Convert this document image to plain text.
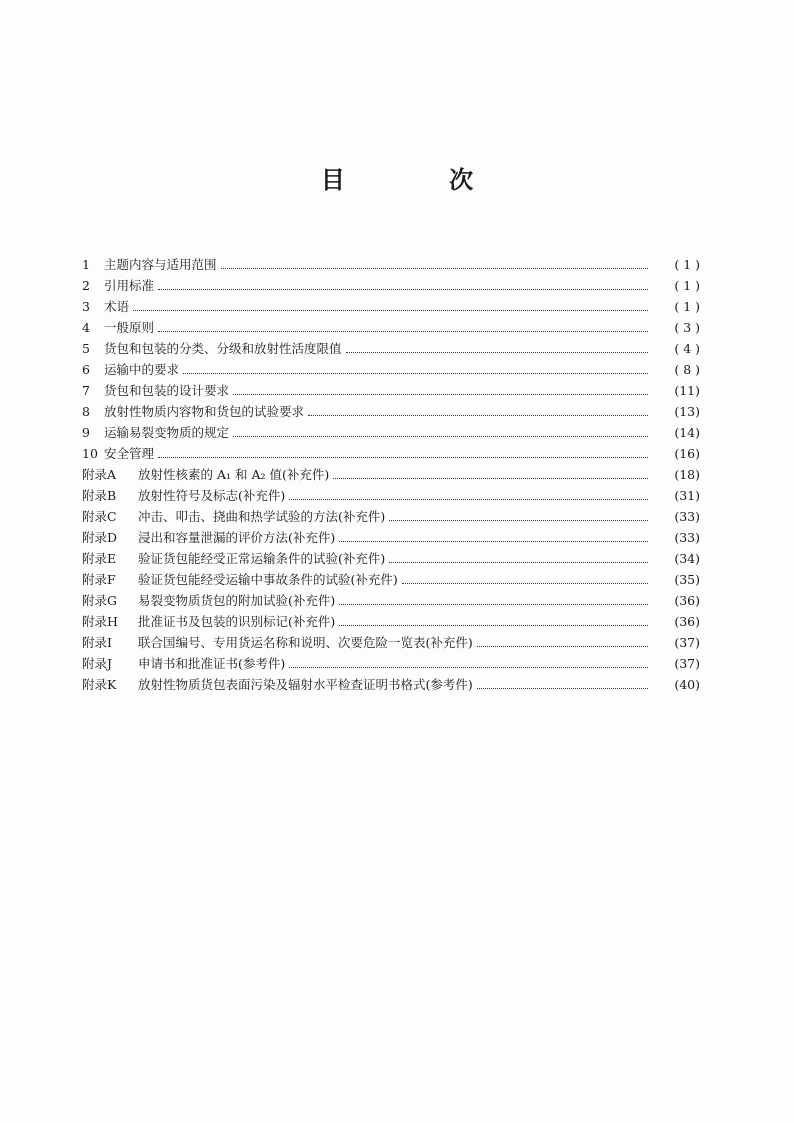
目 次
1	主题内容与适用范围	( 1 )
2	引用标准	( 1 )
3	术语	( 1 )
4	一般原则	( 3 )
5	货包和包装的分类、分级和放射性活度限值	( 4 )
6	运输中的要求	( 8 )
7	货包和包装的设计要求	(11)
8	放射性物质内容物和货包的试验要求	(13)
9	运输易裂变物质的规定	(14)
10 安全管理	(16)
附录A	放射性核素的 A₁ 和 A₂ 值(补充件)	(18)
附录B	放射性符号及标志(补充件)	(31)
附录C	冲击、叩击、挠曲和热学试验的方法(补充件)	(33)
附录D	浸出和容量泄漏的评价方法(补充件)	(33)
附录E	验证货包能经受正常运输条件的试验(补充件)	(34)
附录F	验证货包能经受运输中事故条件的试验(补充件)	(35)
附录G	易裂变物质货包的附加试验(补充件)	(36)
附录H	批准证书及包装的识别标记(补充件)	(36)
附录I	联合国编号、专用货运名称和说明、次要危险一览表(补充件)	(37)
附录J	申请书和批准证书(参考件)	(37)
附录K	放射性物质货包表面污染及辐射水平检查证明书格式(参考件)	(40)
